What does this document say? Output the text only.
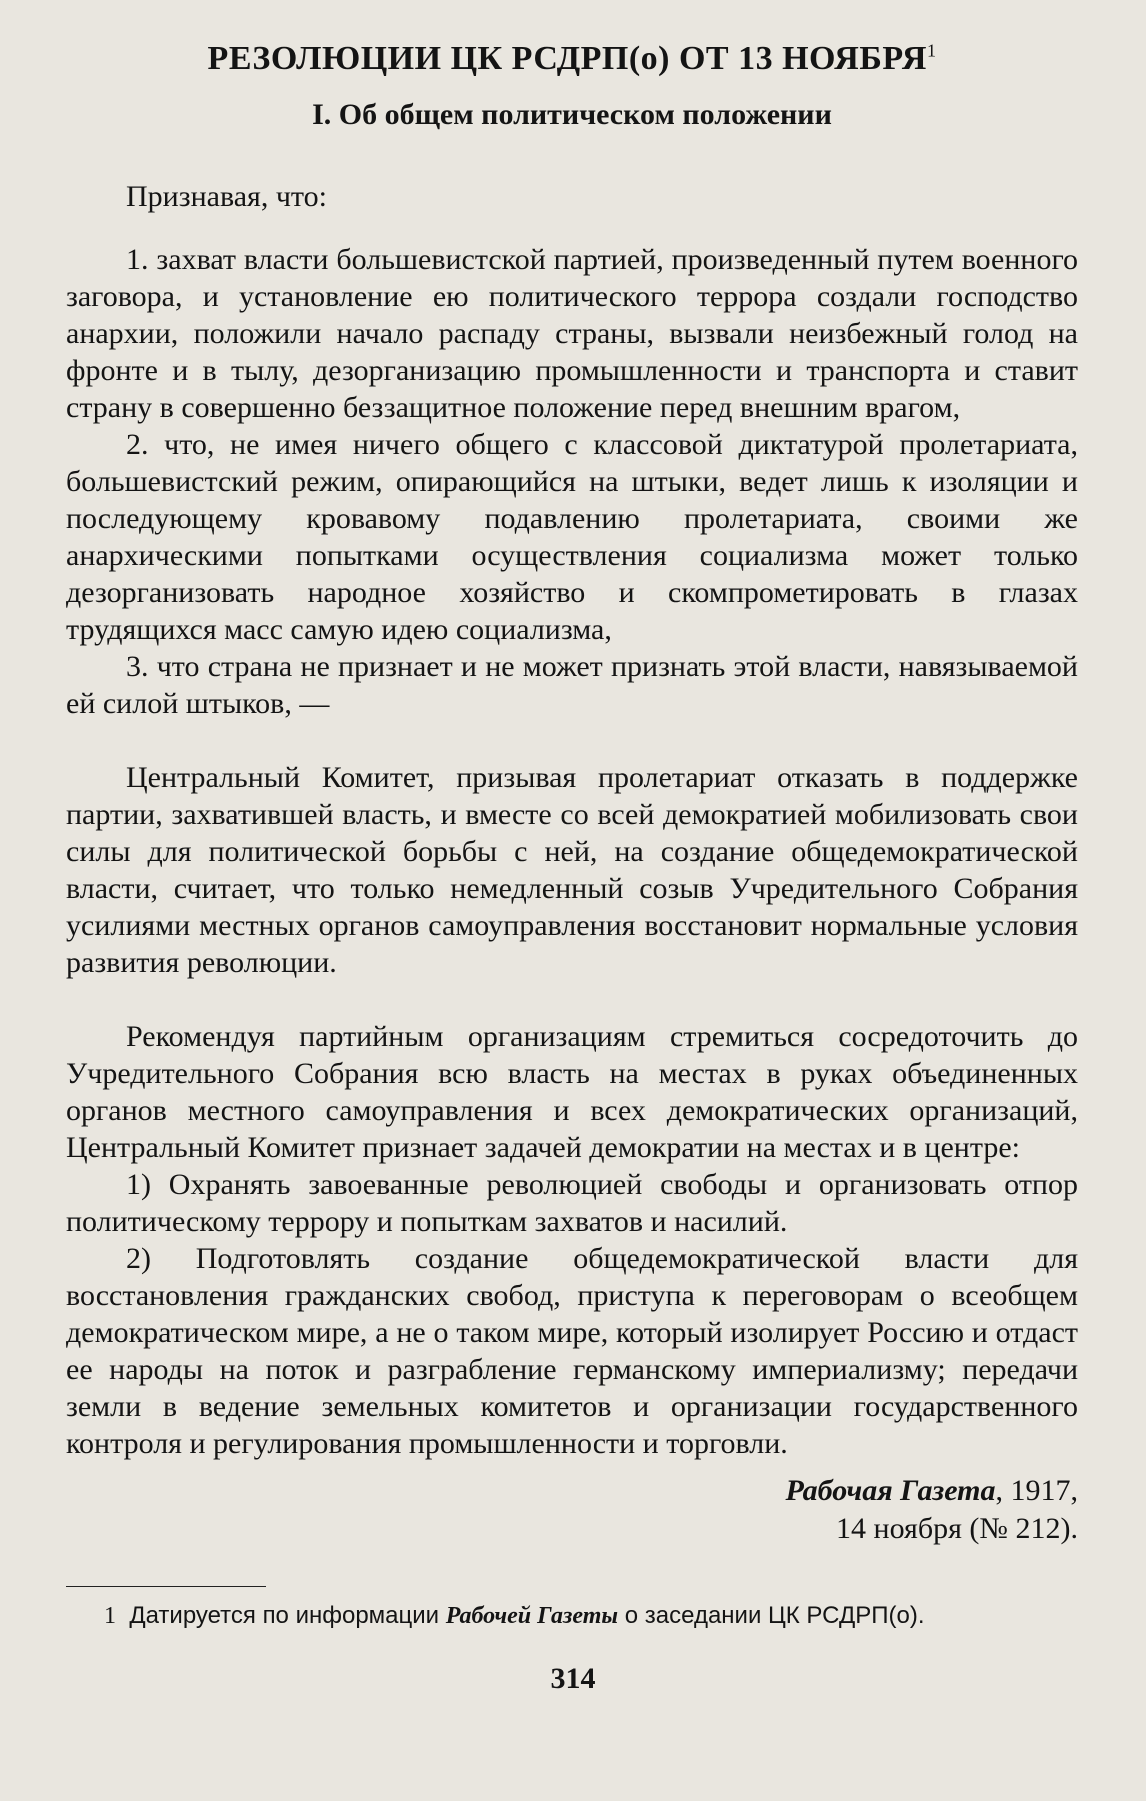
РЕЗОЛЮЦИИ ЦК РСДРП(о) ОТ 13 НОЯБРЯ$^1$
I. Об общем политическом положении

Признавая, что:

1. захват власти большевистской партией, произведенный путем военного заговора, и установление ею политического террора создали господство анархии, положили начало распаду страны, вызвали неизбежный голод на фронте и в тылу, дезорганизацию промышленности и транспорта и ставит страну в совершенно беззащитное положение перед внешним врагом,

2. что, не имея ничего общего с классовой диктатурой пролетариата, большевистский режим, опирающийся на штыки, ведет лишь к изоляции и последующему кровавому подавлению пролетариата, своими же анархическими попытками осуществления социализма может только дезорганизовать народное хозяйство и скомпрометировать в глазах трудящихся масс самую идею социализма,

3. что страна не признает и не может признать этой власти, навязываемой ей силой штыков, —

Центральный Комитет, призывая пролетариат отказать в поддержке партии, захватившей власть, и вместе со всей демократией мобилизовать свои силы для политической борьбы с ней, на создание общедемократической власти, считает, что только немедленный созыв Учредительного Собрания усилиями местных органов самоуправления восстановит нормальные условия развития революции.

Рекомендуя партийным организациям стремиться сосредоточить до Учредительного Собрания всю власть на местах в руках объединенных органов местного самоуправления и всех демократических организаций, Центральный Комитет признает задачей демократии на местах и в центре:

1) Охранять завоеванные революцией свободы и организовать отпор политическому террору и попыткам захватов и насилий.

2) Подготовлять создание общедемократической власти для восстановления гражданских свобод, приступа к переговорам о всеобщем демократическом мире, а не о таком мире, который изолирует Россию и отдаст ее народы на поток и разграбление германскому империализму; передачи земли в ведение земельных комитетов и организации государственного контроля и регулирования промышленности и торговли.

Рабочая Газета, 1917,
14 ноября (№ 212).
1 Датируется по информации Рабочей Газеты о заседании ЦК РСДРП(о).
314
